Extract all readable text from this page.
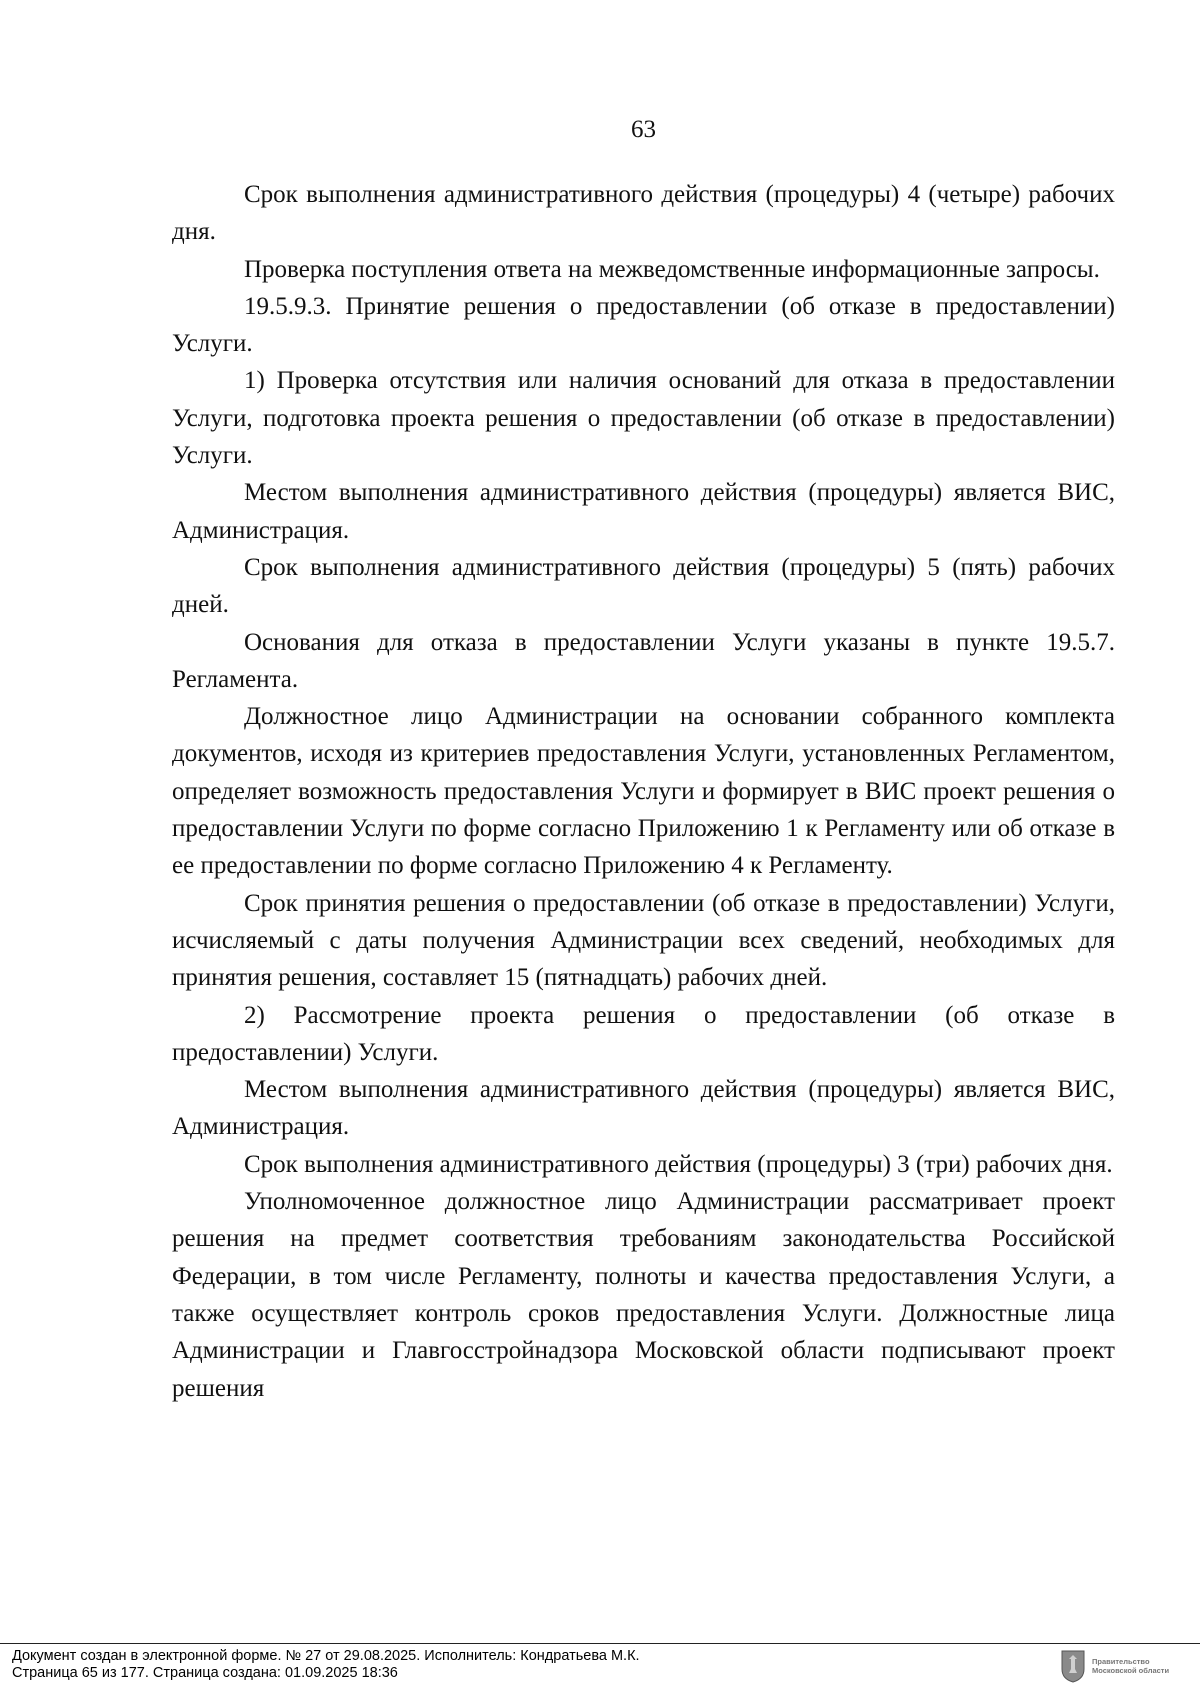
63

Срок выполнения административного действия (процедуры) 4 (четыре) рабочих дня.

Проверка поступления ответа на межведомственные информационные запросы.

19.5.9.3. Принятие решения о предоставлении (об отказе в предоставлении) Услуги.

1) Проверка отсутствия или наличия оснований для отказа в предоставлении Услуги, подготовка проекта решения о предоставлении (об отказе в предоставлении) Услуги.

Местом выполнения административного действия (процедуры) является ВИС, Администрация.

Срок выполнения административного действия (процедуры) 5 (пять) рабочих дней.

Основания для отказа в предоставлении Услуги указаны в пункте 19.5.7. Регламента.

Должностное лицо Администрации на основании собранного комплекта документов, исходя из критериев предоставления Услуги, установленных Регламентом, определяет возможность предоставления Услуги и формирует в ВИС проект решения о предоставлении Услуги по форме согласно Приложению 1 к Регламенту или об отказе в ее предоставлении по форме согласно Приложению 4 к Регламенту.

Срок принятия решения о предоставлении (об отказе в предоставлении) Услуги, исчисляемый с даты получения Администрации всех сведений, необходимых для принятия решения, составляет 15 (пятнадцать) рабочих дней.

2) Рассмотрение проекта решения о предоставлении (об отказе в предоставлении) Услуги.

Местом выполнения административного действия (процедуры) является ВИС, Администрация.

Срок выполнения административного действия (процедуры) 3 (три) рабочих дня.

Уполномоченное должностное лицо Администрации рассматривает проект решения на предмет соответствия требованиям законодательства Российской Федерации, в том числе Регламенту, полноты и качества предоставления Услуги, а также осуществляет контроль сроков предоставления Услуги. Должностные лица Администрации и Главгосстройнадзора Московской области подписывают проект решения

Документ создан в электронной форме. № 27 от 29.08.2025. Исполнитель: Кондратьева М.К.
Страница 65 из 177. Страница создана: 01.09.2025 18:36
Правительство
Московской области
